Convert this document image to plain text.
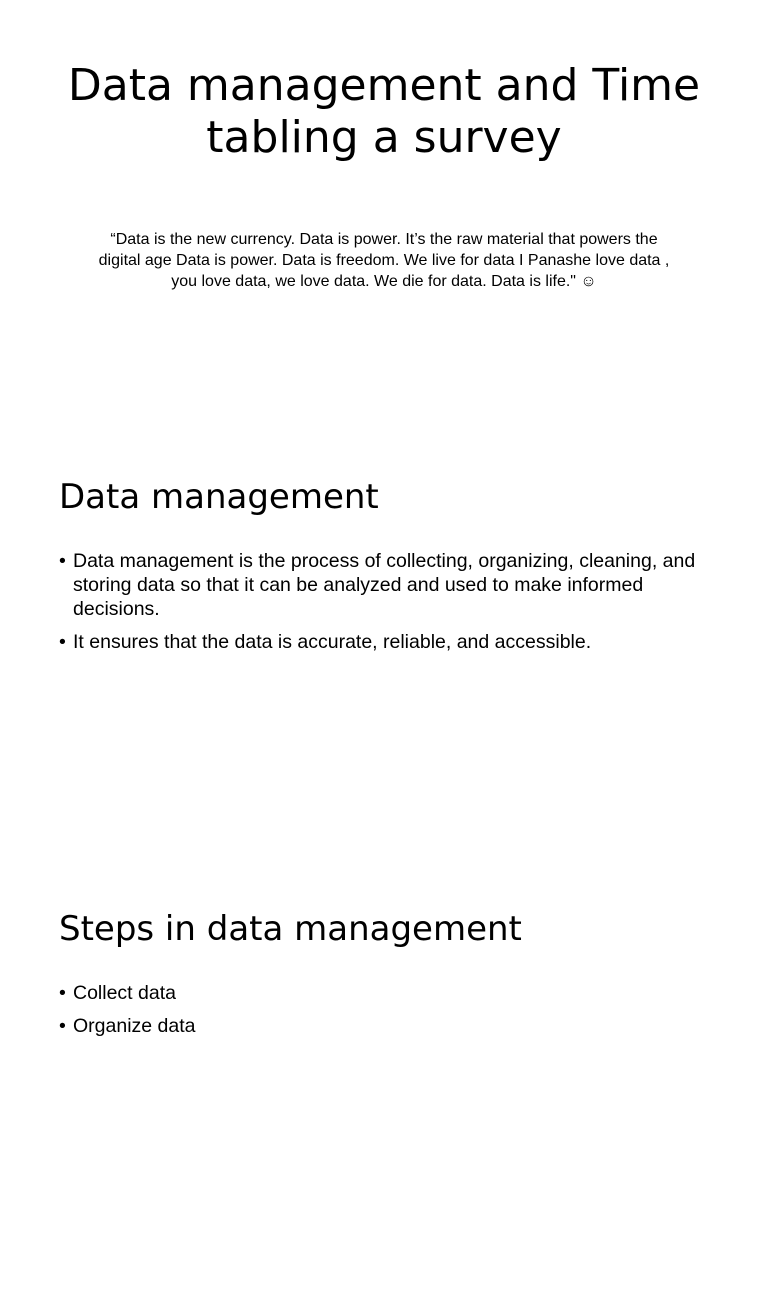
Data management and Time tabling a survey

“Data is the new currency. Data is power. It’s the raw material that powers the digital age Data is power. Data is freedom. We live for data I Panashe love data , you love data, we love data. We die for data. Data is life." ☺

Data management
• Data management is the process of collecting, organizing, cleaning, and storing data so that it can be analyzed and used to make informed decisions.
• It ensures that the data is accurate, reliable, and accessible.
Steps in data management
• Collect data
• Organize data
